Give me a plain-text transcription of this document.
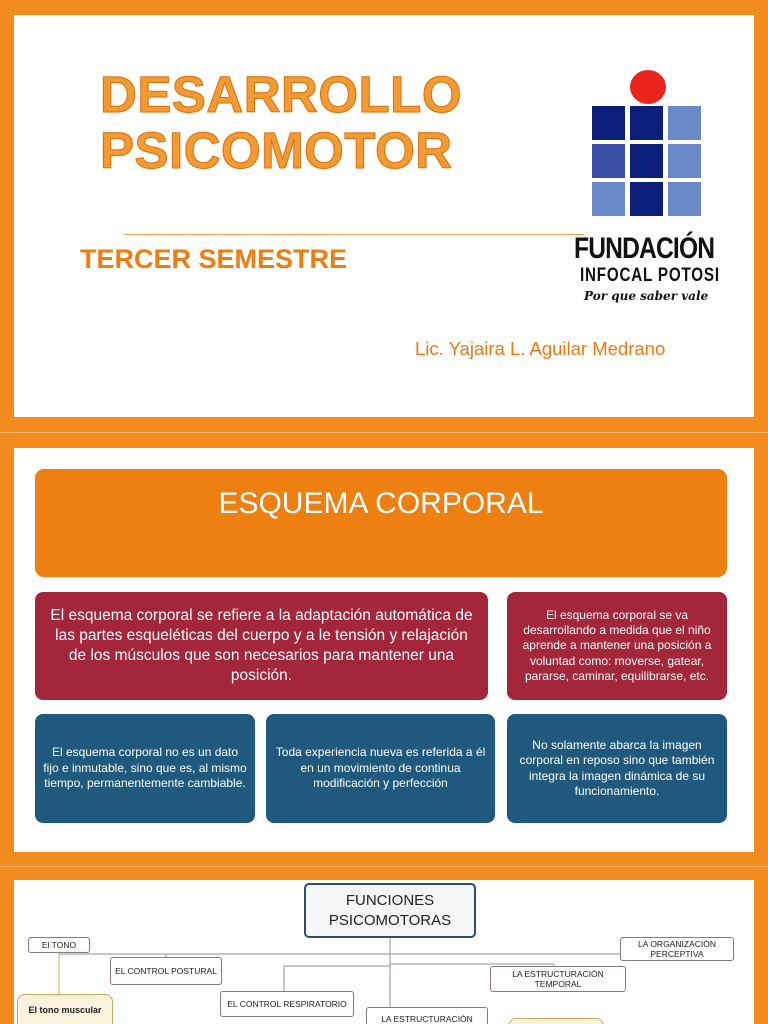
DESARROLLO
PSICOMOTOR
TERCER SEMESTRE
Lic. Yajaira L. Aguilar Medrano
FUNDACIÓN
INFOCAL POTOSI
Por que saber vale
ESQUEMA CORPORAL
El esquema corporal se refiere a la adaptación automática de las partes esqueléticas del cuerpo y a le tensión y relajación de los músculos que son necesarios para mantener una posición.
El esquema corporal se va desarrollando a medida que el niño aprende a mantener una posición a voluntad como: moverse, gatear, pararse, caminar, equilibrarse, etc.
El esquema corporal no es un dato fijo e inmutable, sino que es, al mismo tiempo, permanentemente cambiable.
Toda experiencia nueva es referida a él en un movimiento de continua modificación y perfección
No solamente abarca la imagen corporal en reposo sino que también integra la imagen dinámica de su funcionamiento.
FUNCIONES PSICOMOTORAS
El TONO
EL CONTROL POSTURAL
EL CONTROL RESPIRATORIO
LA ESTRUCTURACIÓN
LA ESTRUCTURACIÓN TEMPORAL
LA ORGANIZACIÓN PERCEPTIVA
El tono muscular
